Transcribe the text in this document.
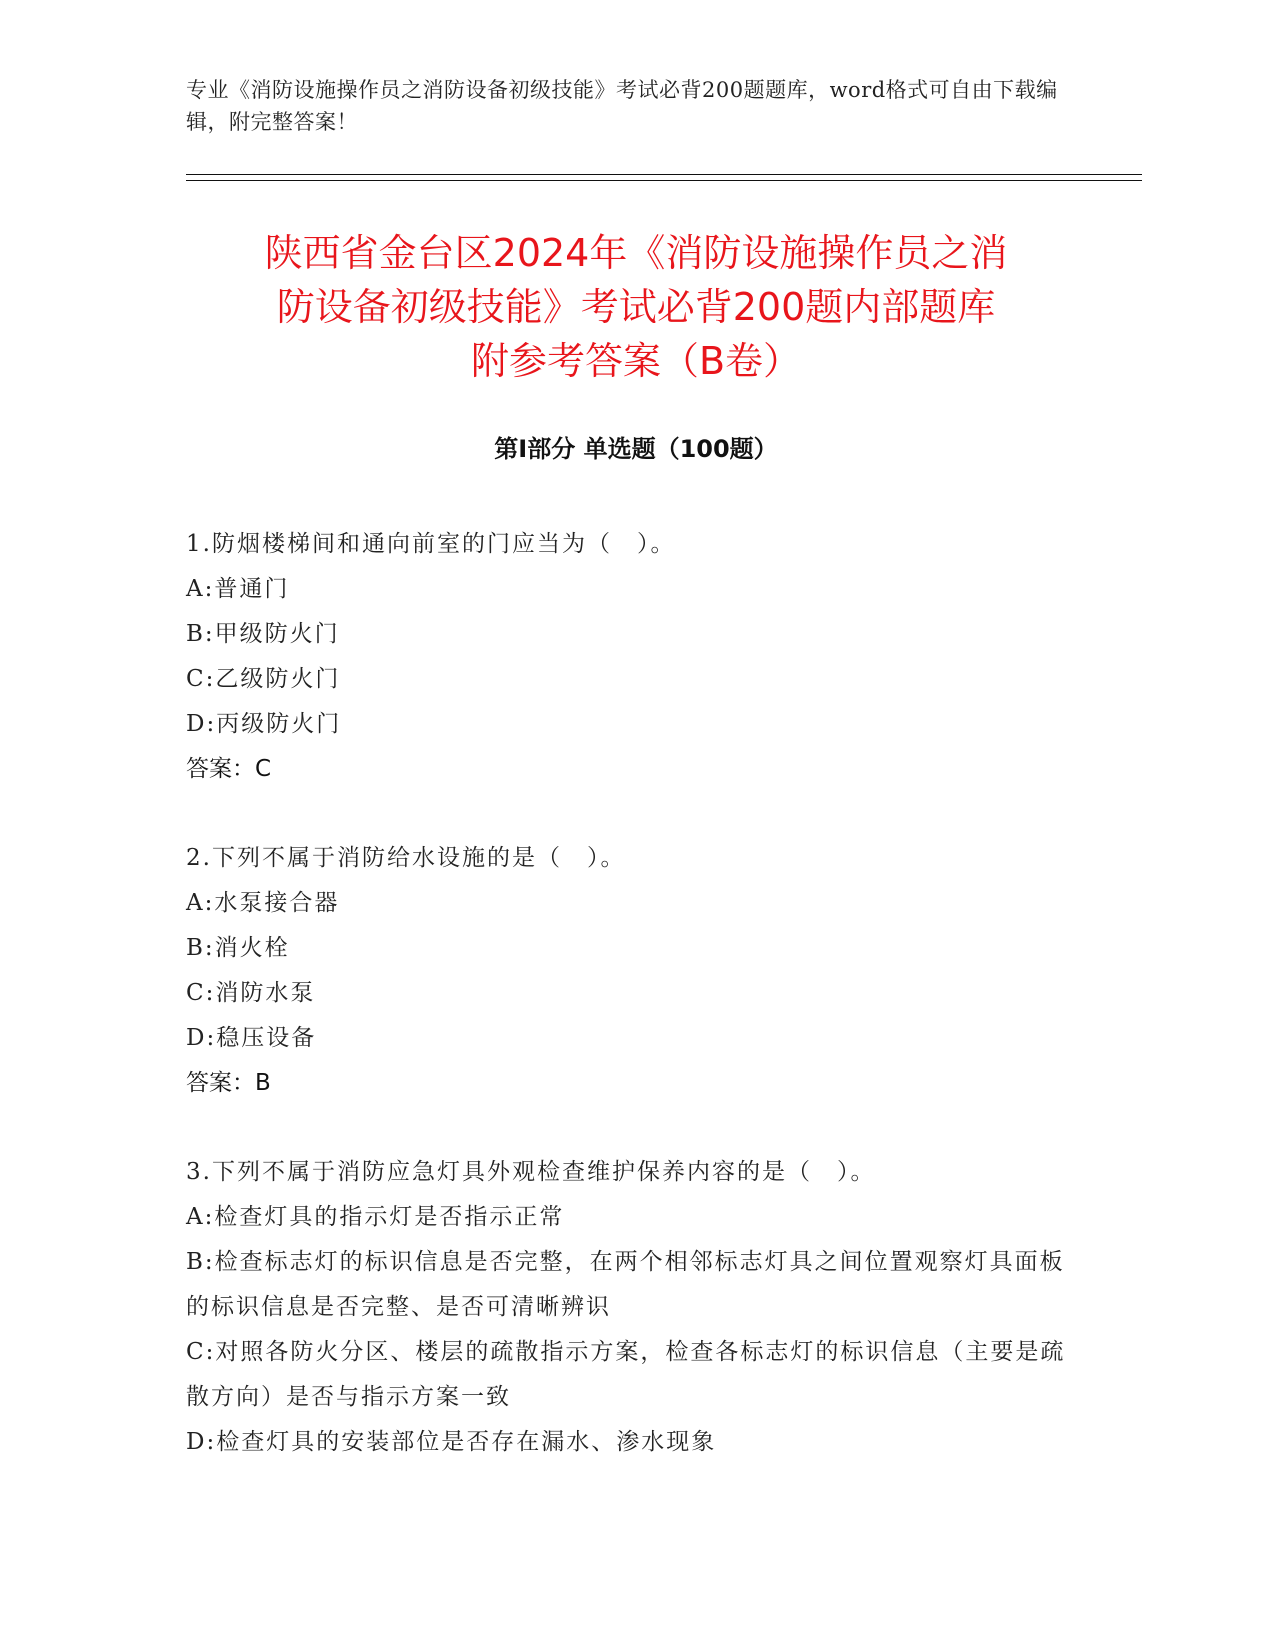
专业《消防设施操作员之消防设备初级技能》考试必背200题题库，word格式可自由下载编辑，附完整答案！
陕西省金台区2024年《消防设施操作员之消
防设备初级技能》考试必背200题内部题库
附参考答案（B卷）
第Ⅰ部分 单选题（100题）
1.防烟楼梯间和通向前室的门应当为（　）。
A:普通门
B:甲级防火门
C:乙级防火门
D:丙级防火门
答案：C
2.下列不属于消防给水设施的是（　）。
A:水泵接合器
B:消火栓
C:消防水泵
D:稳压设备
答案：B
3.下列不属于消防应急灯具外观检查维护保养内容的是（　）。
A:检查灯具的指示灯是否指示正常
B:检查标志灯的标识信息是否完整，在两个相邻标志灯具之间位置观察灯具面板的标识信息是否完整、是否可清晰辨识
C:对照各防火分区、楼层的疏散指示方案，检查各标志灯的标识信息（主要是疏散方向）是否与指示方案一致
D:检查灯具的安装部位是否存在漏水、渗水现象
